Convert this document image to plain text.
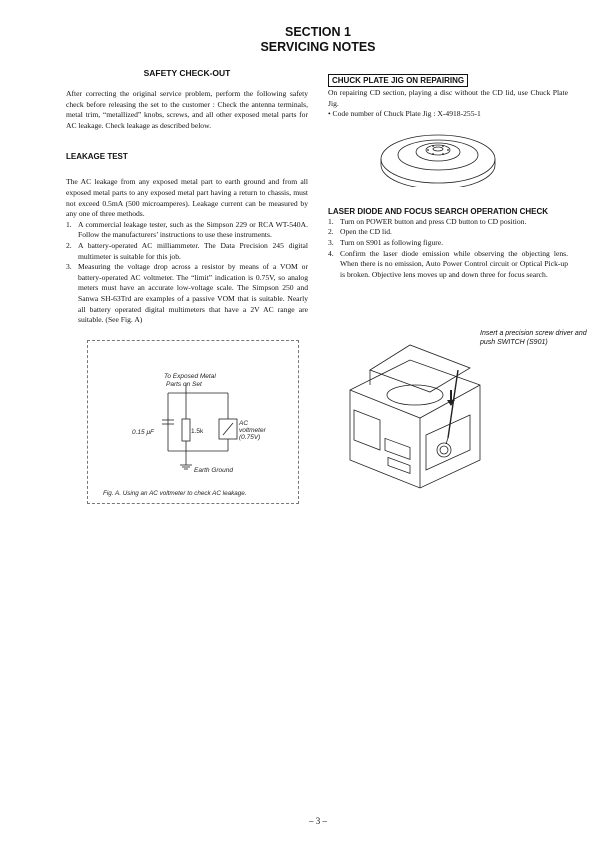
SECTION 1
SERVICING NOTES

SAFETY CHECK-OUT

After correcting the original service problem, perform the following safety check before releasing the set to the customer : Check the antenna terminals, metal trim, “metallized” knobs, screws, and all other exposed metal parts for AC leakage. Check leakage as described below.

LEAKAGE TEST

The AC leakage from any exposed metal part to earth ground and from all exposed metal parts to any exposed metal part having a return to chassis, must not exceed 0.5mA (500 microamperes). Leakage current can be measured by any one of three methods.

1. A commercial leakage tester, such as the Simpson 229 or RCA WT-540A. Follow the manufacturers’ instructions to use these instruments.
2. A battery-operated AC milliammeter. The Data Precision 245 digital multimeter is suitable for this job.
3. Measuring the voltage drop across a resistor by means of a VOM or battery-operated AC voltmeter. The “limit” indication is 0.75V, so analog meters must have an accurate low-voltage scale. The Simpson 250 and Sanwa SH-63Trd are examples of a passive VOM that is suitable. Nearly all battery operated digital multimeters that have a 2V AC range are suitable. (See Fig. A)
To Exposed Metal
Parts on Set
0.15 μF	1.5k
AC
voltmeter
(0.75V)
Earth Ground
Fig. A. Using an AC voltmeter to check AC leakage.
CHUCK PLATE JIG ON REPAIRING

On repairing CD section, playing a disc without the CD lid, use Chuck Plate Jig.

• Code number of Chuck Plate Jig : X-4918-255-1

LASER DIODE AND FOCUS SEARCH OPERATION CHECK

1. Turn on POWER button and press CD button to CD position.
2. Open the CD lid.
3. Turn on S901 as following figure.
4. Confirm the laser diode emission while observing the objecting lens. When there is no emission, Auto Power Control circuit or Optical Pick-up is broken. Objective lens moves up and down three for focus search.
Insert a precision screw driver and push SWITCH (S901)
– 3 –
